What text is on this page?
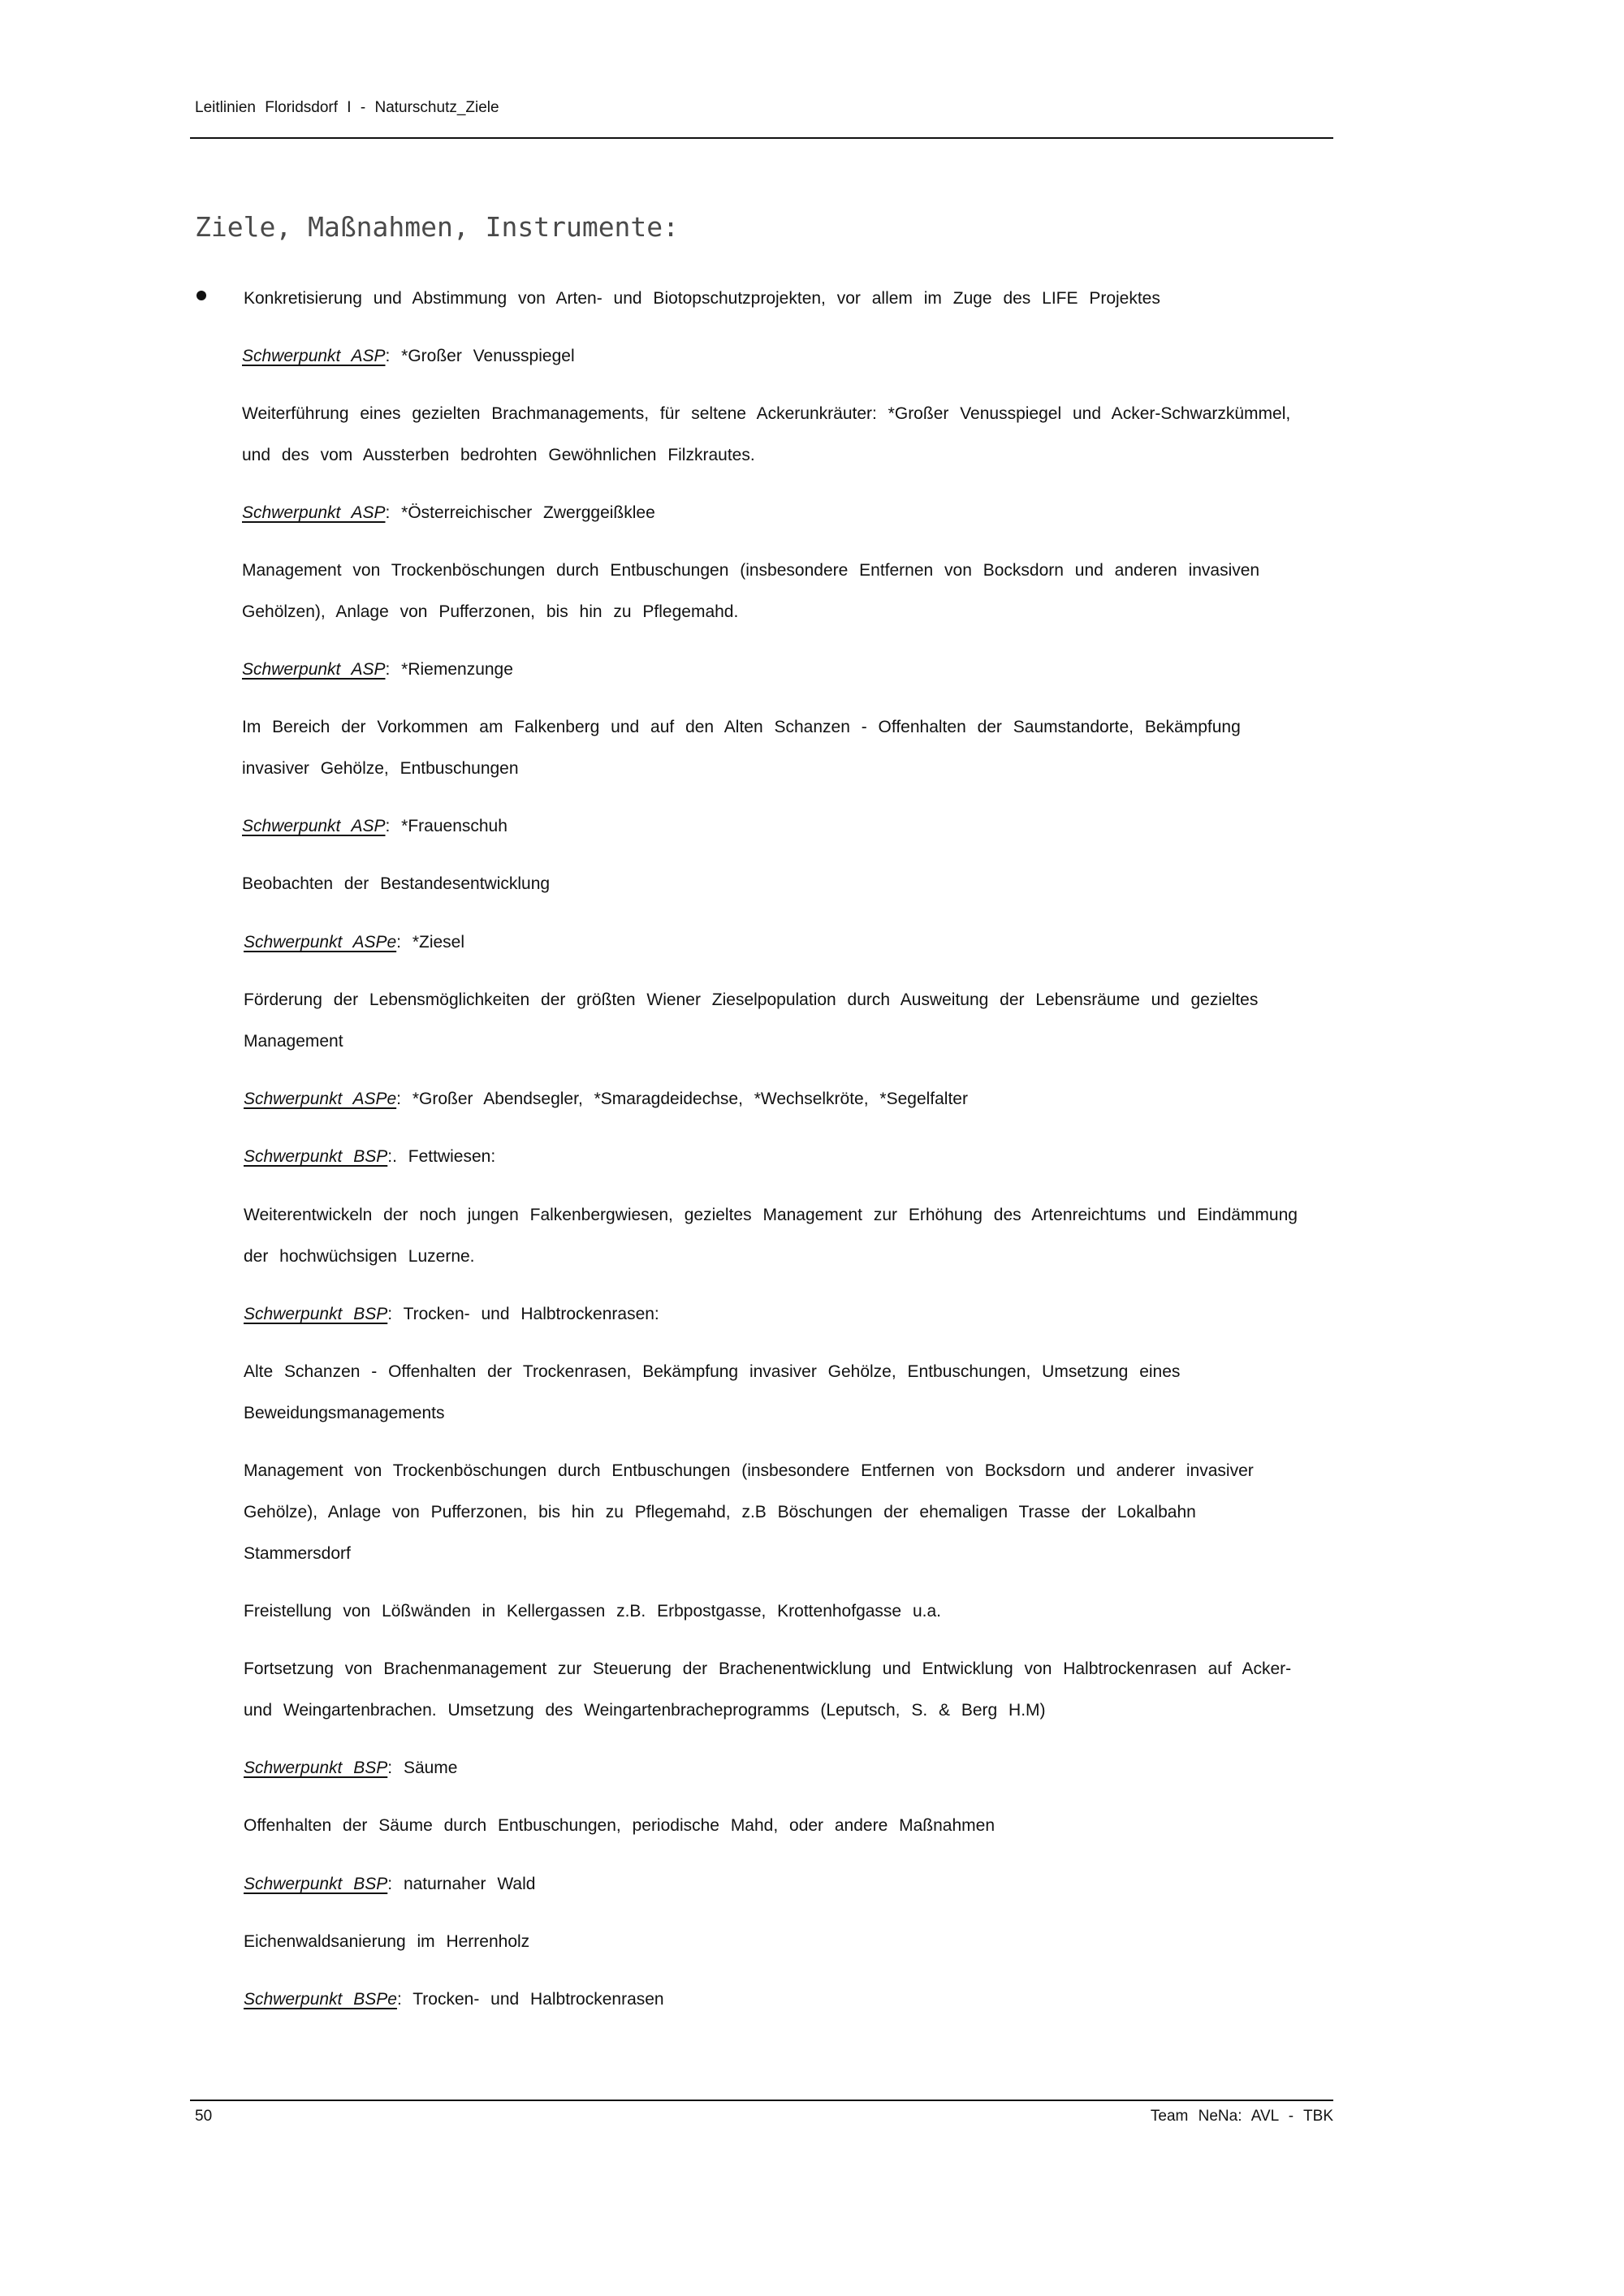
Leitlinien Floridsdorf I - Naturschutz_Ziele
Ziele, Maßnahmen, Instrumente:
Konkretisierung und Abstimmung von Arten- und Biotopschutzprojekten, vor allem im Zuge des LIFE Projektes
Schwerpunkt ASP: *Großer Venusspiegel
Weiterführung eines gezielten Brachmanagements, für seltene Ackerunkräuter: *Großer Venusspiegel und Acker-Schwarzkümmel,
und des vom Aussterben bedrohten Gewöhnlichen Filzkrautes.
Schwerpunkt ASP: *Österreichischer Zwerggeißklee
Management von Trockenböschungen durch Entbuschungen (insbesondere Entfernen von Bocksdorn und anderen invasiven
Gehölzen), Anlage von Pufferzonen, bis hin zu Pflegemahd.
Schwerpunkt ASP: *Riemenzunge
Im Bereich der Vorkommen am Falkenberg und auf den Alten Schanzen - Offenhalten der Saumstandorte, Bekämpfung
invasiver Gehölze, Entbuschungen
Schwerpunkt ASP: *Frauenschuh
Beobachten der Bestandesentwicklung
Schwerpunkt ASPe: *Ziesel
Förderung der Lebensmöglichkeiten der größten Wiener Zieselpopulation durch Ausweitung der Lebensräume und gezieltes
Management
Schwerpunkt ASPe: *Großer Abendsegler, *Smaragdeidechse, *Wechselkröte, *Segelfalter
Schwerpunkt BSP:. Fettwiesen:
Weiterentwickeln der noch jungen Falkenbergwiesen, gezieltes Management zur Erhöhung des Artenreichtums und Eindämmung
der hochwüchsigen Luzerne.
Schwerpunkt BSP: Trocken- und Halbtrockenrasen:
Alte Schanzen - Offenhalten der Trockenrasen, Bekämpfung invasiver Gehölze, Entbuschungen, Umsetzung eines
Beweidungsmanagements
Management von Trockenböschungen durch Entbuschungen (insbesondere Entfernen von Bocksdorn und anderer invasiver
Gehölze), Anlage von Pufferzonen, bis hin zu Pflegemahd, z.B Böschungen der ehemaligen Trasse der Lokalbahn
Stammersdorf
Freistellung von Lößwänden in Kellergassen z.B. Erbpostgasse, Krottenhofgasse u.a.
Fortsetzung von Brachenmanagement zur Steuerung der Brachenentwicklung und Entwicklung von Halbtrockenrasen auf Acker-
und Weingartenbrachen. Umsetzung des Weingartenbracheprogramms (Leputsch, S. & Berg H.M)
Schwerpunkt BSP: Säume
Offenhalten der Säume durch Entbuschungen, periodische Mahd, oder andere Maßnahmen
Schwerpunkt BSP: naturnaher Wald
Eichenwaldsanierung im Herrenholz
Schwerpunkt BSPe: Trocken- und Halbtrockenrasen
50	Team NeNa: AVL - TBK
